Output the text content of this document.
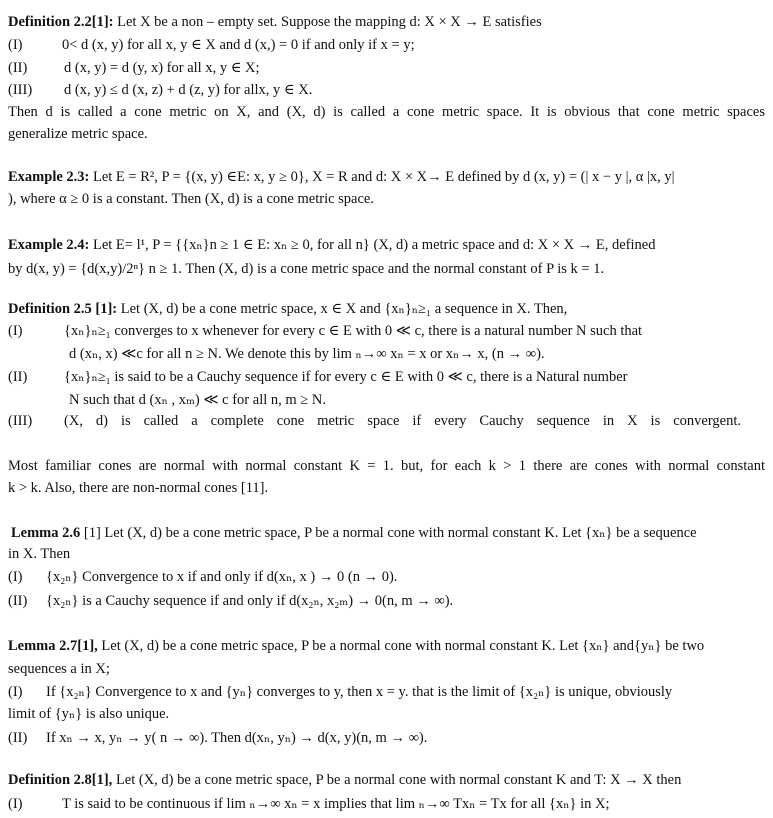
Definition 2.2[1]: Let X be a non – empty set. Suppose the mapping d: X × X → E satisfies
(I)	0< d (x, y) for all x, y ∈ X and d (x,) = 0 if and only if x = y;
(II)	d (x, y) = d (y, x) for all x, y ∈ X;
(III) d (x, y) ≤ d (x, z) + d (z, y) for allx, y ∈ X.
Then d is called a cone metric on X, and (X, d) is called a cone metric space. It is obvious that cone metric spaces
generalize metric space.
Example 2.3: Let E = R², P = {(x, y) ∈E: x, y ≥ 0}, X = R and d: X × X→ E defined by d (x, y) = (| x − y |, α |x, y|
), where α ≥ 0 is a constant. Then (X, d) is a cone metric space.
Example 2.4: Let E= l¹, P = {{xₙ}n ≥ 1 ∈ E: xₙ ≥ 0, for all n} (X, d) a metric space and d: X × X → E, defined
by d(x, y) = {d(x,y)/2ⁿ} n ≥ 1. Then (X, d) is a cone metric space and the normal constant of P is k = 1.
Definition 2.5 [1]: Let (X, d) be a cone metric space, x ∈ X and {xₙ}ₙ≥₁ a sequence in X. Then,
(I)	{xₙ}ₙ≥₁ converges to x whenever for every c ∈ E with 0 ≪ c, there is a natural number N such that
d (xₙ, x) ≪c for all n ≥ N. We denote this by lim ₙ→∞ xₙ = x or xₙ→ x, (n → ∞).
(II)	{xₙ}ₙ≥₁ is said to be a Cauchy sequence if for every c ∈ E with 0 ≪ c, there is a Natural number
N such that d (xₙ , xₘ) ≪ c for all n, m ≥ N.
(III) (X, d) is called a complete cone metric space if every Cauchy sequence in X is convergent.
Most familiar cones are normal with normal constant K = 1. but, for each k > 1 there are cones with normal constant
k > k. Also, there are non-normal cones [11].
Lemma 2.6 [1] Let (X, d) be a cone metric space, P be a normal cone with normal constant K. Let {xₙ} be a sequence
in X. Then
(I) {x₂ₙ} Convergence to x if and only if d(xₙ, x ) → 0 (n → 0).
(II) {x₂ₙ} is a Cauchy sequence if and only if d(x₂ₙ, x₂ₘ) → 0(n, m → ∞).
Lemma 2.7[1], Let (X, d) be a cone metric space, P be a normal cone with normal constant K. Let {xₙ} and{yₙ} be two
sequences a in X;
(I) If {x₂ₙ} Convergence to x and {yₙ} converges to y, then x = y. that is the limit of {x₂ₙ} is unique, obviously
limit of {yₙ} is also unique.
(II) If xₙ → x, yₙ → y( n → ∞). Then d(xₙ, yₙ) → d(x, y)(n, m → ∞).
Definition 2.8[1], Let (X, d) be a cone metric space, P be a normal cone with normal constant K and T: X → X then
(I)	T is said to be continuous if lim ₙ→∞ xₙ = x implies that lim ₙ→∞ Txₙ = Tx for all {xₙ} in X;
